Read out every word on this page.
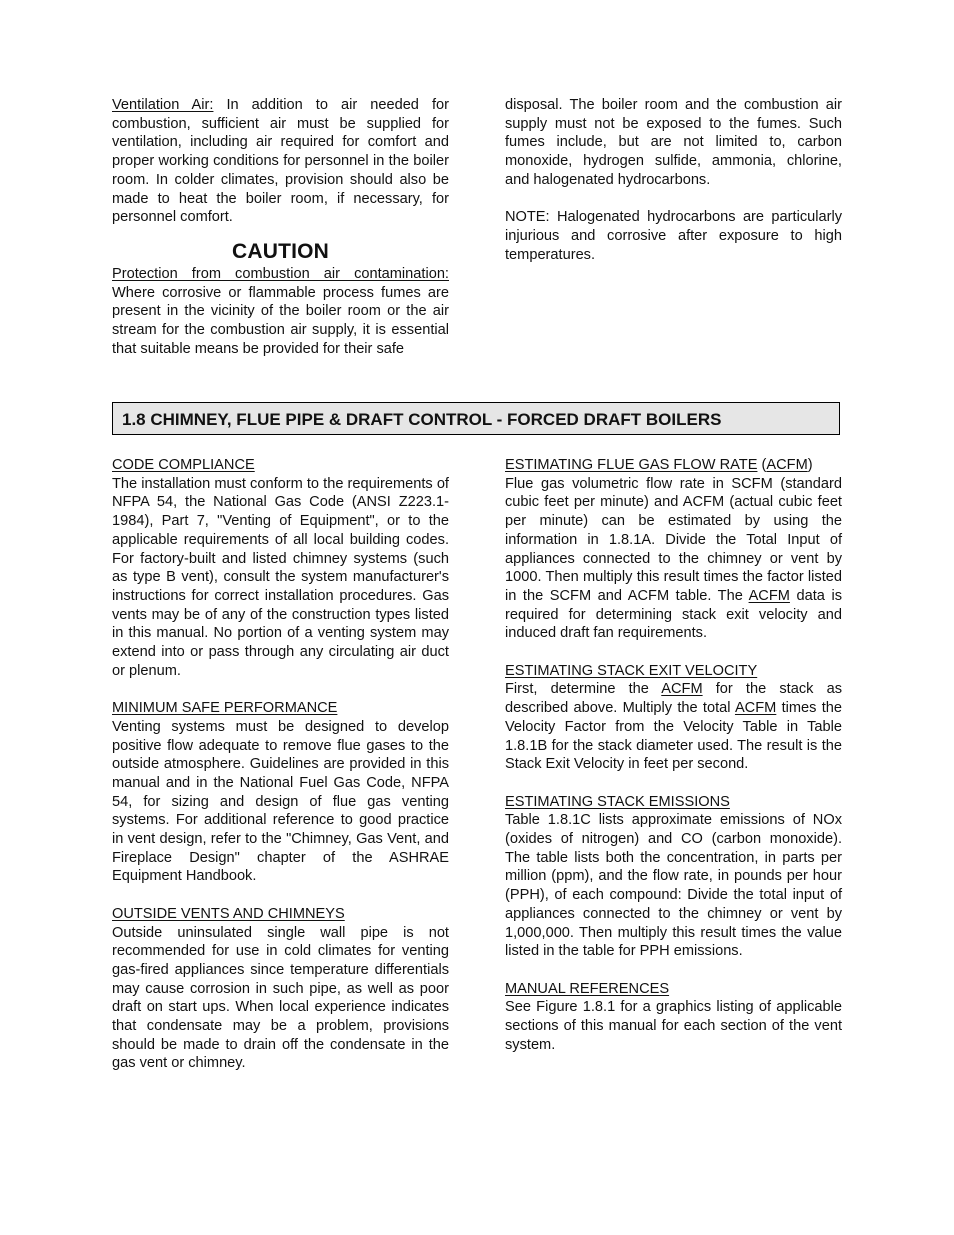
Ventilation Air: In addition to air needed for combustion, sufficient air must be supplied for ventilation, including air required for comfort and proper working conditions for personnel in the boiler room. In colder climates, provision should also be made to heat the boiler room, if necessary, for personnel comfort.

CAUTION

Protection from combustion air contamination: Where corrosive or flammable process fumes are present in the vicinity of the boiler room or the air stream for the combustion air supply, it is essential that suitable means be provided for their safe

disposal. The boiler room and the combustion air supply must not be exposed to the fumes. Such fumes include, but are not limited to, carbon monoxide, hydrogen sulfide, ammonia, chlorine, and halogenated hydrocarbons.

NOTE: Halogenated hydrocarbons are particularly injurious and corrosive after exposure to high temperatures.

1.8 CHIMNEY, FLUE PIPE & DRAFT CONTROL - FORCED DRAFT BOILERS

CODE COMPLIANCE

The installation must conform to the requirements of NFPA 54, the National Gas Code (ANSI Z223.1-1984), Part 7, "Venting of Equipment", or to the applicable requirements of all local building codes. For factory-built and listed chimney systems (such as type B vent), consult the system manufacturer's instructions for correct installation procedures. Gas vents may be of any of the construction types listed in this manual. No portion of a venting system may extend into or pass through any circulating air duct or plenum.

MINIMUM SAFE PERFORMANCE

Venting systems must be designed to develop positive flow adequate to remove flue gases to the outside atmosphere. Guidelines are provided in this manual and in the National Fuel Gas Code, NFPA 54, for sizing and design of flue gas venting systems. For additional reference to good practice in vent design, refer to the "Chimney, Gas Vent, and Fireplace Design" chapter of the ASHRAE Equipment Handbook.

OUTSIDE VENTS AND CHIMNEYS

Outside uninsulated single wall pipe is not recommended for use in cold climates for venting gas-fired appliances since temperature differentials may cause corrosion in such pipe, as well as poor draft on start ups. When local experience indicates that condensate may be a problem, provisions should be made to drain off the condensate in the gas vent or chimney.

ESTIMATING FLUE GAS FLOW RATE (ACFM)

Flue gas volumetric flow rate in SCFM (standard cubic feet per minute) and ACFM (actual cubic feet per minute) can be estimated by using the information in 1.8.1A. Divide the Total Input of appliances connected to the chimney or vent by 1000. Then multiply this result times the factor listed in the SCFM and ACFM table. The ACFM data is required for determining stack exit velocity and induced draft fan requirements.

ESTIMATING STACK EXIT VELOCITY

First, determine the ACFM for the stack as described above. Multiply the total ACFM times the Velocity Factor from the Velocity Table in Table 1.8.1B for the stack diameter used. The result is the Stack Exit Velocity in feet per second.

ESTIMATING STACK EMISSIONS

Table 1.8.1C lists approximate emissions of NOx (oxides of nitrogen) and CO (carbon monoxide). The table lists both the concentration, in parts per million (ppm), and the flow rate, in pounds per hour (PPH), of each compound: Divide the total input of appliances connected to the chimney or vent by 1,000,000. Then multiply this result times the value listed in the table for PPH emissions.

MANUAL REFERENCES

See Figure 1.8.1 for a graphics listing of applicable sections of this manual for each section of the vent system.
